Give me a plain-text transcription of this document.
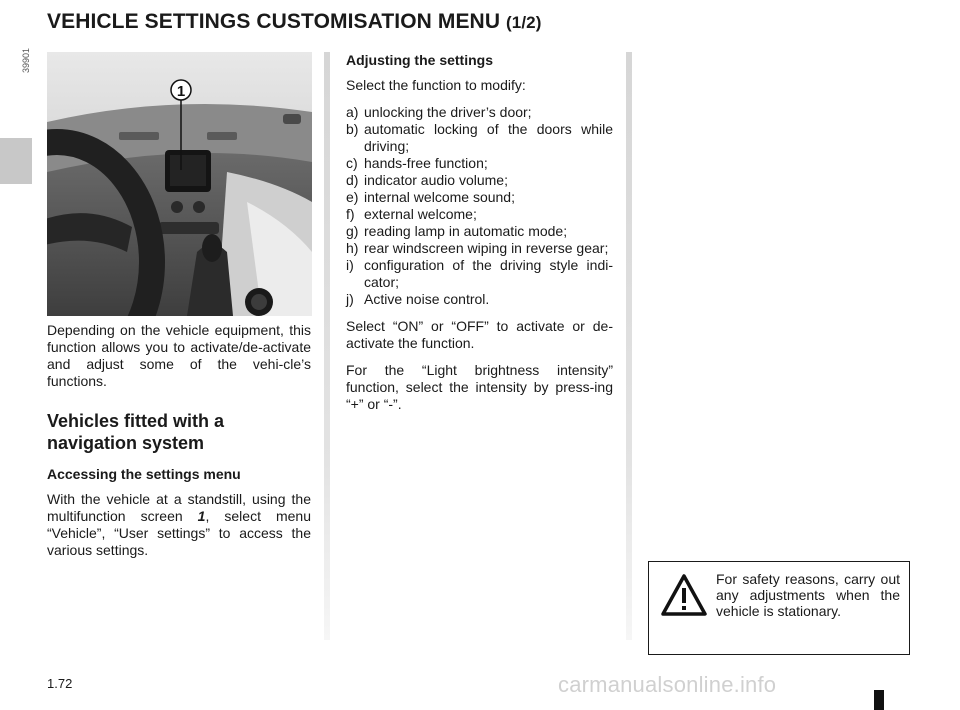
VEHICLE SETTINGS CUSTOMISATION MENU (1/2)
39901
1

Depending on the vehicle equipment, this function allows you to activate/de-activate and adjust some of the vehi-cle’s functions.

Vehicles fitted with a navigation system
Accessing the settings menu

With the vehicle at a standstill, using the multifunction screen 1, select menu “Vehicle”, “User settings” to access the various settings.

Adjusting the settings

Select the function to modify:

a) unlocking the driver’s door;
b) automatic locking of the doors while driving;
c) hands-free function;
d) indicator audio volume;
e) internal welcome sound;
f) external welcome;
g) reading lamp in automatic mode;
h) rear windscreen wiping in reverse gear;
i) configuration of the driving style indi-cator;
j) Active noise control.

Select “ON” or “OFF” to activate or de-activate the function.

For the “Light brightness intensity” function, select the intensity by press-ing “+” or “-”.

For safety reasons, carry out any adjustments when the vehicle is stationary.
1.72	carmanualsonline.info
